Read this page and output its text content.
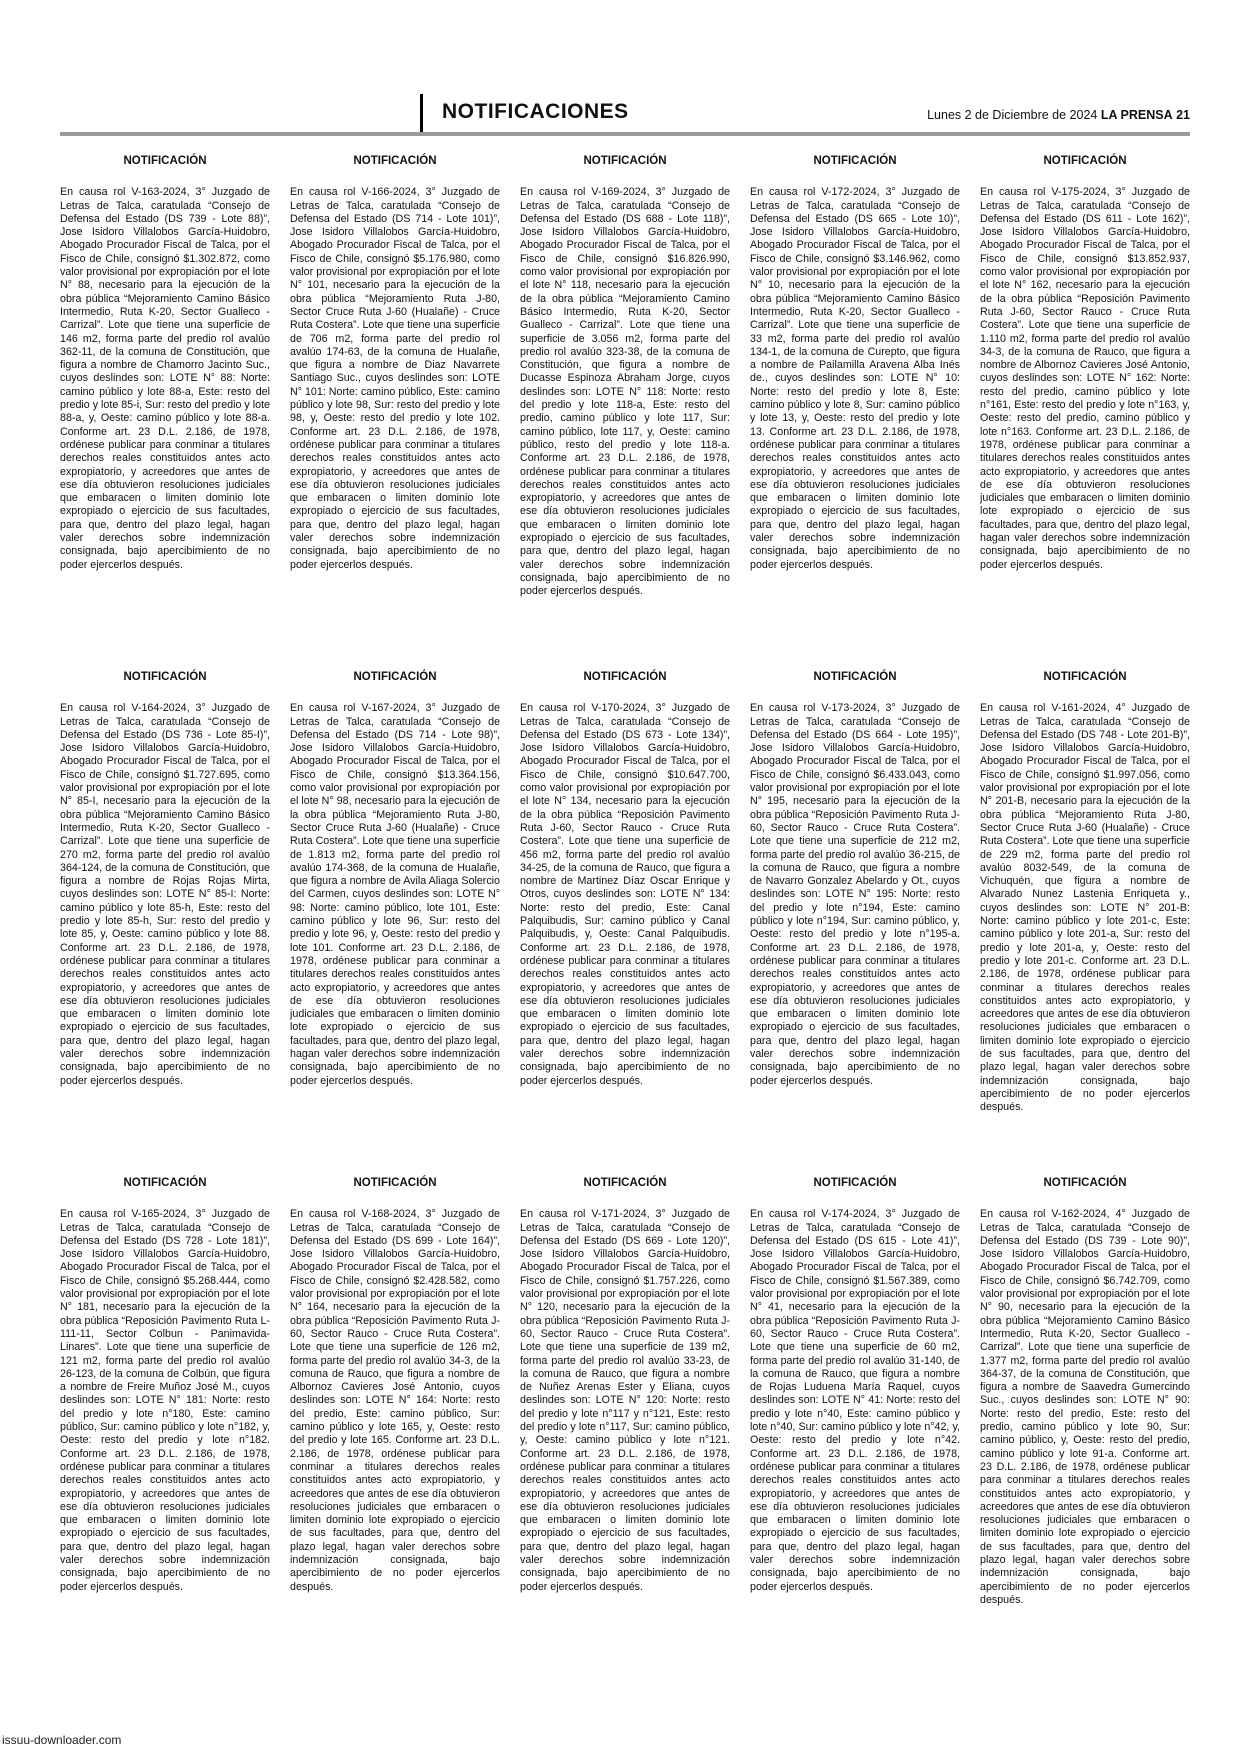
NOTIFICACIONES	Lunes 2 de Diciembre de 2024 LA PRENSA 21
NOTIFICACIÓN

En causa rol V-163-2024, 3° Juzgado de Letras de Talca, caratulada “Consejo de Defensa del Estado (DS 739 - Lote 88)”, Jose Isidoro Villalobos García-Huidobro, Abogado Procurador Fiscal de Talca, por el Fisco de Chile, consignó $1.302.872, como valor provisional por expropiación por el lote N° 88, necesario para la ejecución de la obra pública “Mejoramiento Camino Básico Intermedio, Ruta K-20, Sector Gualleco - Carrizal”. Lote que tiene una superficie de 146 m2, forma parte del predio rol avalúo 362-11, de la comuna de Constitución, que figura a nombre de Chamorro Jacinto Suc., cuyos deslindes son: LOTE N° 88: Norte: camino público y lote 88-a, Este: resto del predio y lote 85-i, Sur: resto del predio y lote 88-a, y, Oeste: camino público y lote 88-a. Conforme art. 23 D.L. 2.186, de 1978, ordénese publicar para conminar a titulares derechos reales constituidos antes acto expropiatorio, y acreedores que antes de ese día obtuvieron resoluciones judiciales que embaracen o limiten dominio lote expropiado o ejercicio de sus facultades, para que, dentro del plazo legal, hagan valer derechos sobre indemnización consignada, bajo apercibimiento de no poder ejercerlos después.

NOTIFICACIÓN

En causa rol V-166-2024, 3° Juzgado de Letras de Talca, caratulada “Consejo de Defensa del Estado (DS 714 - Lote 101)”, Jose Isidoro Villalobos García-Huidobro, Abogado Procurador Fiscal de Talca, por el Fisco de Chile, consignó $5.176.980, como valor provisional por expropiación por el lote N° 101, necesario para la ejecución de la obra pública “Mejoramiento Ruta J-80, Sector Cruce Ruta J-60 (Hualañe) - Cruce Ruta Costera”. Lote que tiene una superficie de 706 m2, forma parte del predio rol avalúo 174-63, de la comuna de Hualañe, que figura a nombre de Diaz Navarrete Santiago Suc., cuyos deslindes son: LOTE N° 101: Norte: camino público, Este: camino público y lote 98, Sur: resto del predio y lote 98, y, Oeste: resto del predio y lote 102. Conforme art. 23 D.L. 2.186, de 1978, ordénese publicar para conminar a titulares derechos reales constituidos antes acto expropiatorio, y acreedores que antes de ese día obtuvieron resoluciones judiciales que embaracen o limiten dominio lote expropiado o ejercicio de sus facultades, para que, dentro del plazo legal, hagan valer derechos sobre indemnización consignada, bajo apercibimiento de no poder ejercerlos después.

NOTIFICACIÓN

En causa rol V-169-2024, 3° Juzgado de Letras de Talca, caratulada “Consejo de Defensa del Estado (DS 688 - Lote 118)”, Jose Isidoro Villalobos García-Huidobro, Abogado Procurador Fiscal de Talca, por el Fisco de Chile, consignó $16.826.990, como valor provisional por expropiación por el lote N° 118, necesario para la ejecución de la obra pública “Mejoramiento Camino Básico Intermedio, Ruta K-20, Sector Gualleco - Carrizal”. Lote que tiene una superficie de 3.056 m2, forma parte del predio rol avalúo 323-38, de la comuna de Constitución, que figura a nombre de Ducasse Espinoza Abraham Jorge, cuyos deslindes son: LOTE N° 118: Norte: resto del predio y lote 118-a, Este: resto del predio, camino público y lote 117, Sur: camino público, lote 117, y, Oeste: camino público, resto del predio y lote 118-a. Conforme art. 23 D.L. 2.186, de 1978, ordénese publicar para conminar a titulares derechos reales constituidos antes acto expropiatorio, y acreedores que antes de ese día obtuvieron resoluciones judiciales que embaracen o limiten dominio lote expropiado o ejercicio de sus facultades, para que, dentro del plazo legal, hagan valer derechos sobre indemnización consignada, bajo apercibimiento de no poder ejercerlos después.

NOTIFICACIÓN

En causa rol V-172-2024, 3° Juzgado de Letras de Talca, caratulada “Consejo de Defensa del Estado (DS 665 - Lote 10)”, Jose Isidoro Villalobos García-Huidobro, Abogado Procurador Fiscal de Talca, por el Fisco de Chile, consignó $3.146.962, como valor provisional por expropiación por el lote N° 10, necesario para la ejecución de la obra pública “Mejoramiento Camino Básico Intermedio, Ruta K-20, Sector Gualleco - Carrizal”. Lote que tiene una superficie de 33 m2, forma parte del predio rol avalúo 134-1, de la comuna de Curepto, que figura a nombre de Pailamilla Aravena Alba Inés de., cuyos deslindes son: LOTE N° 10: Norte: resto del predio y lote 8, Este: camino público y lote 8, Sur: camino público y lote 13, y, Oeste: resto del predio y lote 13. Conforme art. 23 D.L. 2.186, de 1978, ordénese publicar para conminar a titulares derechos reales constituidos antes acto expropiatorio, y acreedores que antes de ese día obtuvieron resoluciones judiciales que embaracen o limiten dominio lote expropiado o ejercicio de sus facultades, para que, dentro del plazo legal, hagan valer derechos sobre indemnización consignada, bajo apercibimiento de no poder ejercerlos después.

NOTIFICACIÓN

En causa rol V-175-2024, 3° Juzgado de Letras de Talca, caratulada “Consejo de Defensa del Estado (DS 611 - Lote 162)”, Jose Isidoro Villalobos García-Huidobro, Abogado Procurador Fiscal de Talca, por el Fisco de Chile, consignó $13.852.937, como valor provisional por expropiación por el lote N° 162, necesario para la ejecución de la obra pública “Reposición Pavimento Ruta J-60, Sector Rauco - Cruce Ruta Costera”. Lote que tiene una superficie de 1.110 m2, forma parte del predio rol avalúo 34-3, de la comuna de Rauco, que figura a nombre de Albornoz Cavieres José Antonio, cuyos deslindes son: LOTE N° 162: Norte: resto del predio, camino público y lote n°161, Este: resto del predio y lote n°163, y, Oeste: resto del predio, camino público y lote n°163. Conforme art. 23 D.L. 2.186, de 1978, ordénese publicar para conminar a titulares derechos reales constituidos antes acto expropiatorio, y acreedores que antes de ese día obtuvieron resoluciones judiciales que embaracen o limiten dominio lote expropiado o ejercicio de sus facultades, para que, dentro del plazo legal, hagan valer derechos sobre indemnización consignada, bajo apercibimiento de no poder ejercerlos después.

NOTIFICACIÓN

En causa rol V-164-2024, 3° Juzgado de Letras de Talca, caratulada “Consejo de Defensa del Estado (DS 736 - Lote 85-I)”, Jose Isidoro Villalobos García-Huidobro, Abogado Procurador Fiscal de Talca, por el Fisco de Chile, consignó $1.727.695, como valor provisional por expropiación por el lote N° 85-I, necesario para la ejecución de la obra pública “Mejoramiento Camino Básico Intermedio, Ruta K-20, Sector Gualleco - Carrizal”. Lote que tiene una superficie de 270 m2, forma parte del predio rol avalúo 364-124, de la comuna de Constitución, que figura a nombre de Rojas Rojas Mirta, cuyos deslindes son: LOTE N° 85-I: Norte: camino público y lote 85-h, Este: resto del predio y lote 85-h, Sur: resto del predio y lote 85, y, Oeste: camino público y lote 88. Conforme art. 23 D.L. 2.186, de 1978, ordénese publicar para conminar a titulares derechos reales constituidos antes acto expropiatorio, y acreedores que antes de ese día obtuvieron resoluciones judiciales que embaracen o limiten dominio lote expropiado o ejercicio de sus facultades, para que, dentro del plazo legal, hagan valer derechos sobre indemnización consignada, bajo apercibimiento de no poder ejercerlos después.

NOTIFICACIÓN

En causa rol V-167-2024, 3° Juzgado de Letras de Talca, caratulada “Consejo de Defensa del Estado (DS 714 - Lote 98)”, Jose Isidoro Villalobos García-Huidobro, Abogado Procurador Fiscal de Talca, por el Fisco de Chile, consignó $13.364.156, como valor provisional por expropiación por el lote N° 98, necesario para la ejecución de la obra pública “Mejoramiento Ruta J-80, Sector Cruce Ruta J-60 (Hualañe) - Cruce Ruta Costera”. Lote que tiene una superficie de 1.813 m2, forma parte del predio rol avalúo 174-368, de la comuna de Hualañe, que figura a nombre de Avila Aliaga Solercio del Carmen, cuyos deslindes son: LOTE N° 98: Norte: camino público, lote 101, Este: camino público y lote 96, Sur: resto del predio y lote 96, y, Oeste: resto del predio y lote 101. Conforme art. 23 D.L. 2.186, de 1978, ordénese publicar para conminar a titulares derechos reales constituidos antes acto expropiatorio, y acreedores que antes de ese día obtuvieron resoluciones judiciales que embaracen o limiten dominio lote expropiado o ejercicio de sus facultades, para que, dentro del plazo legal, hagan valer derechos sobre indemnización consignada, bajo apercibimiento de no poder ejercerlos después.

NOTIFICACIÓN

En causa rol V-170-2024, 3° Juzgado de Letras de Talca, caratulada “Consejo de Defensa del Estado (DS 673 - Lote 134)”, Jose Isidoro Villalobos García-Huidobro, Abogado Procurador Fiscal de Talca, por el Fisco de Chile, consignó $10.647.700, como valor provisional por expropiación por el lote N° 134, necesario para la ejecución de la obra pública “Reposición Pavimento Ruta J-60, Sector Rauco - Cruce Ruta Costera”. Lote que tiene una superficie de 456 m2, forma parte del predio rol avalúo 34-25, de la comuna de Rauco, que figura a nombre de Martinez Díaz Oscar Enrique y Otros, cuyos deslindes son: LOTE N° 134: Norte: resto del predio, Este: Canal Palquibudis, Sur: camino público y Canal Palquibudis, y, Oeste: Canal Palquibudis. Conforme art. 23 D.L. 2.186, de 1978, ordénese publicar para conminar a titulares derechos reales constituidos antes acto expropiatorio, y acreedores que antes de ese día obtuvieron resoluciones judiciales que embaracen o limiten dominio lote expropiado o ejercicio de sus facultades, para que, dentro del plazo legal, hagan valer derechos sobre indemnización consignada, bajo apercibimiento de no poder ejercerlos después.

NOTIFICACIÓN

En causa rol V-173-2024, 3° Juzgado de Letras de Talca, caratulada “Consejo de Defensa del Estado (DS 664 - Lote 195)”, Jose Isidoro Villalobos García-Huidobro, Abogado Procurador Fiscal de Talca, por el Fisco de Chile, consignó $6.433.043, como valor provisional por expropiación por el lote N° 195, necesario para la ejecución de la obra pública “Reposición Pavimento Ruta J-60, Sector Rauco - Cruce Ruta Costera”. Lote que tiene una superficie de 212 m2, forma parte del predio rol avalúo 36-215, de la comuna de Rauco, que figura a nombre de Navarro Gonzalez Abelardo y Ot., cuyos deslindes son: LOTE N° 195: Norte: resto del predio y lote n°194, Este: camino público y lote n°194, Sur: camino público, y, Oeste: resto del predio y lote n°195-a. Conforme art. 23 D.L. 2.186, de 1978, ordénese publicar para conminar a titulares derechos reales constituidos antes acto expropiatorio, y acreedores que antes de ese día obtuvieron resoluciones judiciales que embaracen o limiten dominio lote expropiado o ejercicio de sus facultades, para que, dentro del plazo legal, hagan valer derechos sobre indemnización consignada, bajo apercibimiento de no poder ejercerlos después.

NOTIFICACIÓN

En causa rol V-161-2024, 4° Juzgado de Letras de Talca, caratulada “Consejo de Defensa del Estado (DS 748 - Lote 201-B)”, Jose Isidoro Villalobos García-Huidobro, Abogado Procurador Fiscal de Talca, por el Fisco de Chile, consignó $1.997.056, como valor provisional por expropiación por el lote N° 201-B, necesario para la ejecución de la obra pública “Mejoramiento Ruta J-80, Sector Cruce Ruta J-60 (Hualañe) - Cruce Ruta Costera”. Lote que tiene una superficie de 229 m2, forma parte del predio rol avalúo 8032-549, de la comuna de Vichuquén, que figura a nombre de Alvarado Nunez Lastenia Enriqueta y., cuyos deslindes son: LOTE N° 201-B: Norte: camino público y lote 201-c, Este: camino público y lote 201-a, Sur: resto del predio y lote 201-a, y, Oeste: resto del predio y lote 201-c. Conforme art. 23 D.L. 2.186, de 1978, ordénese publicar para conminar a titulares derechos reales constituidos antes acto expropiatorio, y acreedores que antes de ese día obtuvieron resoluciones judiciales que embaracen o limiten dominio lote expropiado o ejercicio de sus facultades, para que, dentro del plazo legal, hagan valer derechos sobre indemnización consignada, bajo apercibimiento de no poder ejercerlos después.

NOTIFICACIÓN

En causa rol V-165-2024, 3° Juzgado de Letras de Talca, caratulada “Consejo de Defensa del Estado (DS 728 - Lote 181)”, Jose Isidoro Villalobos García-Huidobro, Abogado Procurador Fiscal de Talca, por el Fisco de Chile, consignó $5.268.444, como valor provisional por expropiación por el lote N° 181, necesario para la ejecución de la obra pública “Reposición Pavimento Ruta L-111-11, Sector Colbun - Panimavida-Linares”. Lote que tiene una superficie de 121 m2, forma parte del predio rol avalúo 26-123, de la comuna de Colbún, que figura a nombre de Freire Muñoz José M., cuyos deslindes son: LOTE N° 181: Norte: resto del predio y lote n°180, Este: camino público, Sur: camino público y lote n°182, y, Oeste: resto del predio y lote n°182. Conforme art. 23 D.L. 2.186, de 1978, ordénese publicar para conminar a titulares derechos reales constituidos antes acto expropiatorio, y acreedores que antes de ese día obtuvieron resoluciones judiciales que embaracen o limiten dominio lote expropiado o ejercicio de sus facultades, para que, dentro del plazo legal, hagan valer derechos sobre indemnización consignada, bajo apercibimiento de no poder ejercerlos después.

NOTIFICACIÓN

En causa rol V-168-2024, 3° Juzgado de Letras de Talca, caratulada “Consejo de Defensa del Estado (DS 699 - Lote 164)”, Jose Isidoro Villalobos García-Huidobro, Abogado Procurador Fiscal de Talca, por el Fisco de Chile, consignó $2.428.582, como valor provisional por expropiación por el lote N° 164, necesario para la ejecución de la obra pública “Reposición Pavimento Ruta J-60, Sector Rauco - Cruce Ruta Costera”. Lote que tiene una superficie de 126 m2, forma parte del predio rol avalúo 34-3, de la comuna de Rauco, que figura a nombre de Albornoz Cavieres José Antonio, cuyos deslindes son: LOTE N° 164: Norte: resto del predio, Este: camino público, Sur: camino público y lote 165, y, Oeste: resto del predio y lote 165. Conforme art. 23 D.L. 2.186, de 1978, ordénese publicar para conminar a titulares derechos reales constituidos antes acto expropiatorio, y acreedores que antes de ese día obtuvieron resoluciones judiciales que embaracen o limiten dominio lote expropiado o ejercicio de sus facultades, para que, dentro del plazo legal, hagan valer derechos sobre indemnización consignada, bajo apercibimiento de no poder ejercerlos después.

NOTIFICACIÓN

En causa rol V-171-2024, 3° Juzgado de Letras de Talca, caratulada “Consejo de Defensa del Estado (DS 669 - Lote 120)”, Jose Isidoro Villalobos García-Huidobro, Abogado Procurador Fiscal de Talca, por el Fisco de Chile, consignó $1.757.226, como valor provisional por expropiación por el lote N° 120, necesario para la ejecución de la obra pública “Reposición Pavimento Ruta J-60, Sector Rauco - Cruce Ruta Costera”. Lote que tiene una superficie de 139 m2, forma parte del predio rol avalúo 33-23, de la comuna de Rauco, que figura a nombre de Nuñez Arenas Ester y Eliana, cuyos deslindes son: LOTE N° 120: Norte: resto del predio y lote n°117 y n°121, Este: resto del predio y lote n°117, Sur: camino público, y, Oeste: camino público y lote n°121. Conforme art. 23 D.L. 2.186, de 1978, ordénese publicar para conminar a titulares derechos reales constituidos antes acto expropiatorio, y acreedores que antes de ese día obtuvieron resoluciones judiciales que embaracen o limiten dominio lote expropiado o ejercicio de sus facultades, para que, dentro del plazo legal, hagan valer derechos sobre indemnización consignada, bajo apercibimiento de no poder ejercerlos después.

NOTIFICACIÓN

En causa rol V-174-2024, 3° Juzgado de Letras de Talca, caratulada “Consejo de Defensa del Estado (DS 615 - Lote 41)”, Jose Isidoro Villalobos García-Huidobro, Abogado Procurador Fiscal de Talca, por el Fisco de Chile, consignó $1.567.389, como valor provisional por expropiación por el lote N° 41, necesario para la ejecución de la obra pública “Reposición Pavimento Ruta J-60, Sector Rauco - Cruce Ruta Costera”. Lote que tiene una superficie de 60 m2, forma parte del predio rol avalúo 31-140, de la comuna de Rauco, que figura a nombre de Rojas Luduena María Raquel, cuyos deslindes son: LOTE N° 41: Norte: resto del predio y lote n°40, Este: camino público y lote n°40, Sur: camino público y lote n°42, y, Oeste: resto del predio y lote n°42. Conforme art. 23 D.L. 2.186, de 1978, ordénese publicar para conminar a titulares derechos reales constituidos antes acto expropiatorio, y acreedores que antes de ese día obtuvieron resoluciones judiciales que embaracen o limiten dominio lote expropiado o ejercicio de sus facultades, para que, dentro del plazo legal, hagan valer derechos sobre indemnización consignada, bajo apercibimiento de no poder ejercerlos después.

NOTIFICACIÓN

En causa rol V-162-2024, 4° Juzgado de Letras de Talca, caratulada “Consejo de Defensa del Estado (DS 739 - Lote 90)”, Jose Isidoro Villalobos García-Huidobro, Abogado Procurador Fiscal de Talca, por el Fisco de Chile, consignó $6.742.709, como valor provisional por expropiación por el lote N° 90, necesario para la ejecución de la obra pública “Mejoramiento Camino Básico Intermedio, Ruta K-20, Sector Gualleco - Carrizal”. Lote que tiene una superficie de 1.377 m2, forma parte del predio rol avalúo 364-37, de la comuna de Constitución, que figura a nombre de Saavedra Gumercindo Suc., cuyos deslindes son: LOTE N° 90: Norte: resto del predio, Este: resto del predio, camino público y lote 90, Sur: camino público, y, Oeste: resto del predio, camino público y lote 91-a. Conforme art. 23 D.L. 2.186, de 1978, ordénese publicar para conminar a titulares derechos reales constituidos antes acto expropiatorio, y acreedores que antes de ese día obtuvieron resoluciones judiciales que embaracen o limiten dominio lote expropiado o ejercicio de sus facultades, para que, dentro del plazo legal, hagan valer derechos sobre indemnización consignada, bajo apercibimiento de no poder ejercerlos después.

issuu-downloader.com
